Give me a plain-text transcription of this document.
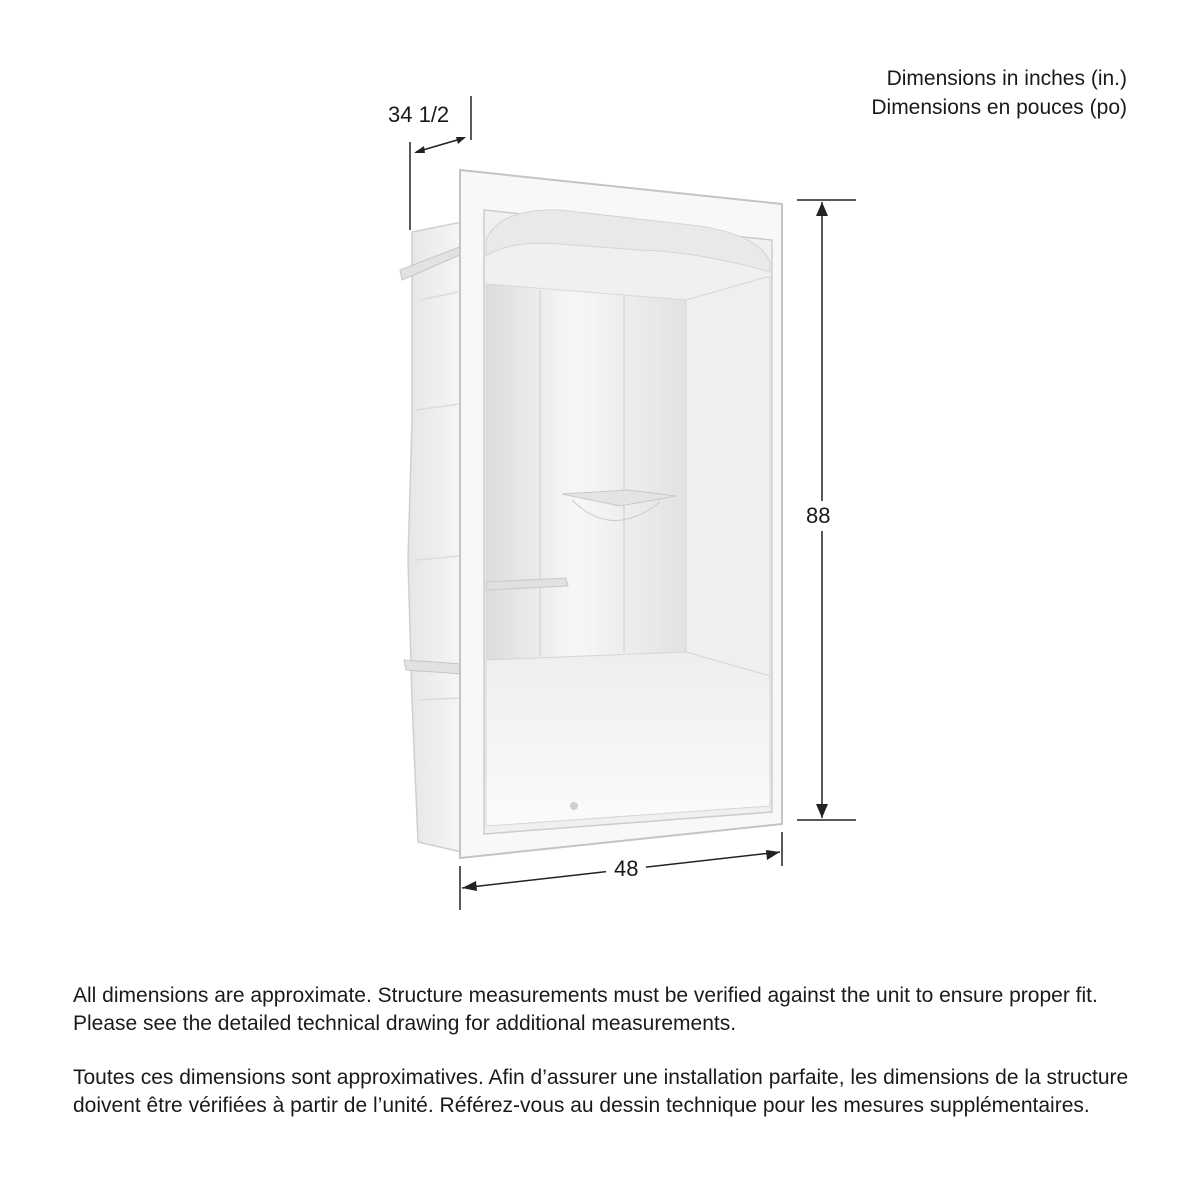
Dimensions in inches (in.)
Dimensions en pouces (po)
34 1/2
88
48

All dimensions are approximate. Structure measurements must be verified against the unit to ensure proper fit. Please see the detailed technical drawing for additional measurements.

Toutes ces dimensions sont approximatives. Afin d’assurer une installation parfaite, les dimensions de la structure doivent être vérifiées à partir de l’unité. Référez-vous au dessin technique pour les mesures supplémentaires.
